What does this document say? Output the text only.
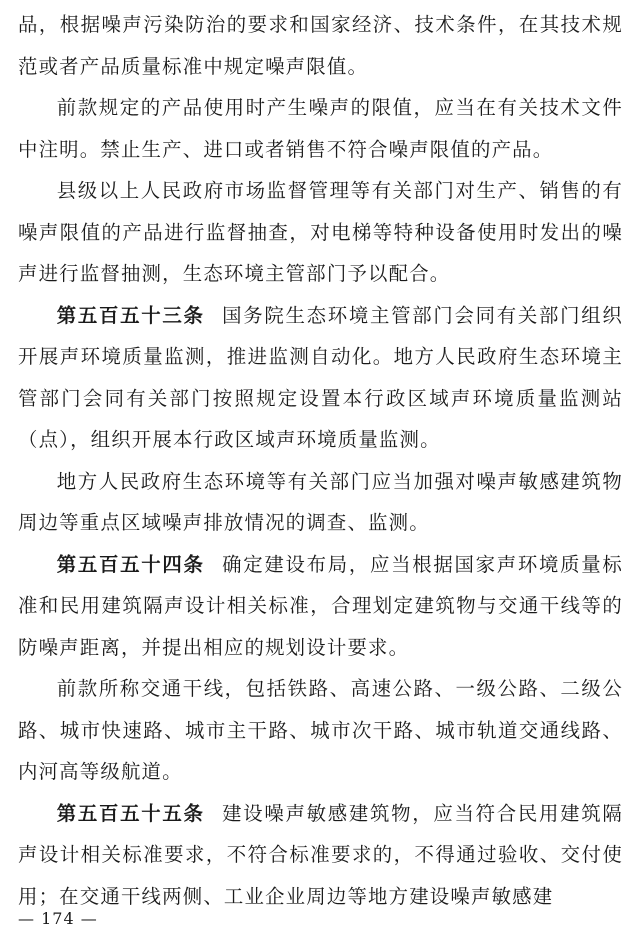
品，根据噪声污染防治的要求和国家经济、技术条件，在其技术规范或者产品质量标准中规定噪声限值。

前款规定的产品使用时产生噪声的限值，应当在有关技术文件中注明。禁止生产、进口或者销售不符合噪声限值的产品。

县级以上人民政府市场监督管理等有关部门对生产、销售的有噪声限值的产品进行监督抽查，对电梯等特种设备使用时发出的噪声进行监督抽测，生态环境主管部门予以配合。

第五百五十三条 国务院生态环境主管部门会同有关部门组织开展声环境质量监测，推进监测自动化。地方人民政府生态环境主管部门会同有关部门按照规定设置本行政区域声环境质量监测站（点），组织开展本行政区域声环境质量监测。

地方人民政府生态环境等有关部门应当加强对噪声敏感建筑物周边等重点区域噪声排放情况的调查、监测。

第五百五十四条 确定建设布局，应当根据国家声环境质量标准和民用建筑隔声设计相关标准，合理划定建筑物与交通干线等的防噪声距离，并提出相应的规划设计要求。

前款所称交通干线，包括铁路、高速公路、一级公路、二级公路、城市快速路、城市主干路、城市次干路、城市轨道交通线路、内河高等级航道。

第五百五十五条 建设噪声敏感建筑物，应当符合民用建筑隔声设计相关标准要求，不符合标准要求的，不得通过验收、交付使用；在交通干线两侧、工业企业周边等地方建设噪声敏感建

— 174 —
